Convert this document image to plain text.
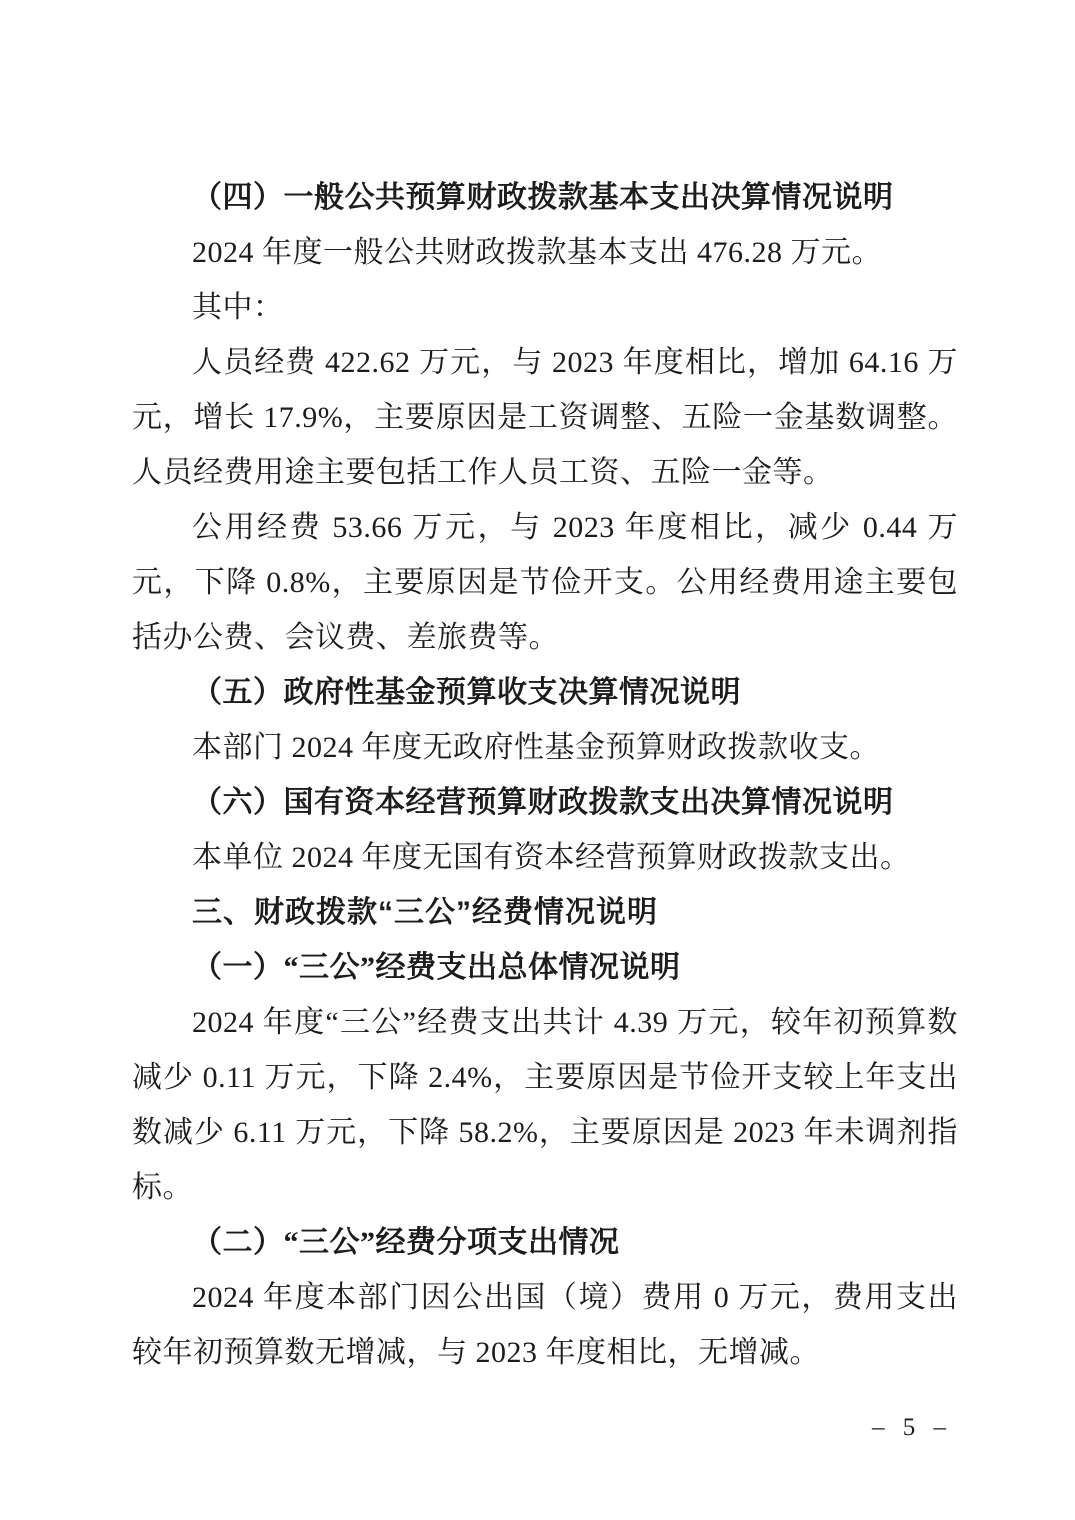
（四）一般公共预算财政拨款基本支出决算情况说明

2024 年度一般公共财政拨款基本支出 476.28 万元。

其中：

人员经费 422.62 万元，与 2023 年度相比，增加 64.16 万元，增长 17.9%，主要原因是工资调整、五险一金基数调整。人员经费用途主要包括工作人员工资、五险一金等。

公用经费 53.66 万元，与 2023 年度相比，减少 0.44 万元，下降 0.8%，主要原因是节俭开支。公用经费用途主要包括办公费、会议费、差旅费等。

（五）政府性基金预算收支决算情况说明

本部门 2024 年度无政府性基金预算财政拨款收支。

（六）国有资本经营预算财政拨款支出决算情况说明

本单位 2024 年度无国有资本经营预算财政拨款支出。

三、财政拨款“三公”经费情况说明

（一）“三公”经费支出总体情况说明

2024 年度“三公”经费支出共计 4.39 万元，较年初预算数减少 0.11 万元，下降 2.4%，主要原因是节俭开支较上年支出数减少 6.11 万元，下降 58.2%，主要原因是 2023 年未调剂指标。

（二）“三公”经费分项支出情况

2024 年度本部门因公出国（境）费用 0 万元，费用支出较年初预算数无增减，与 2023 年度相比，无增减。

– 5 –
